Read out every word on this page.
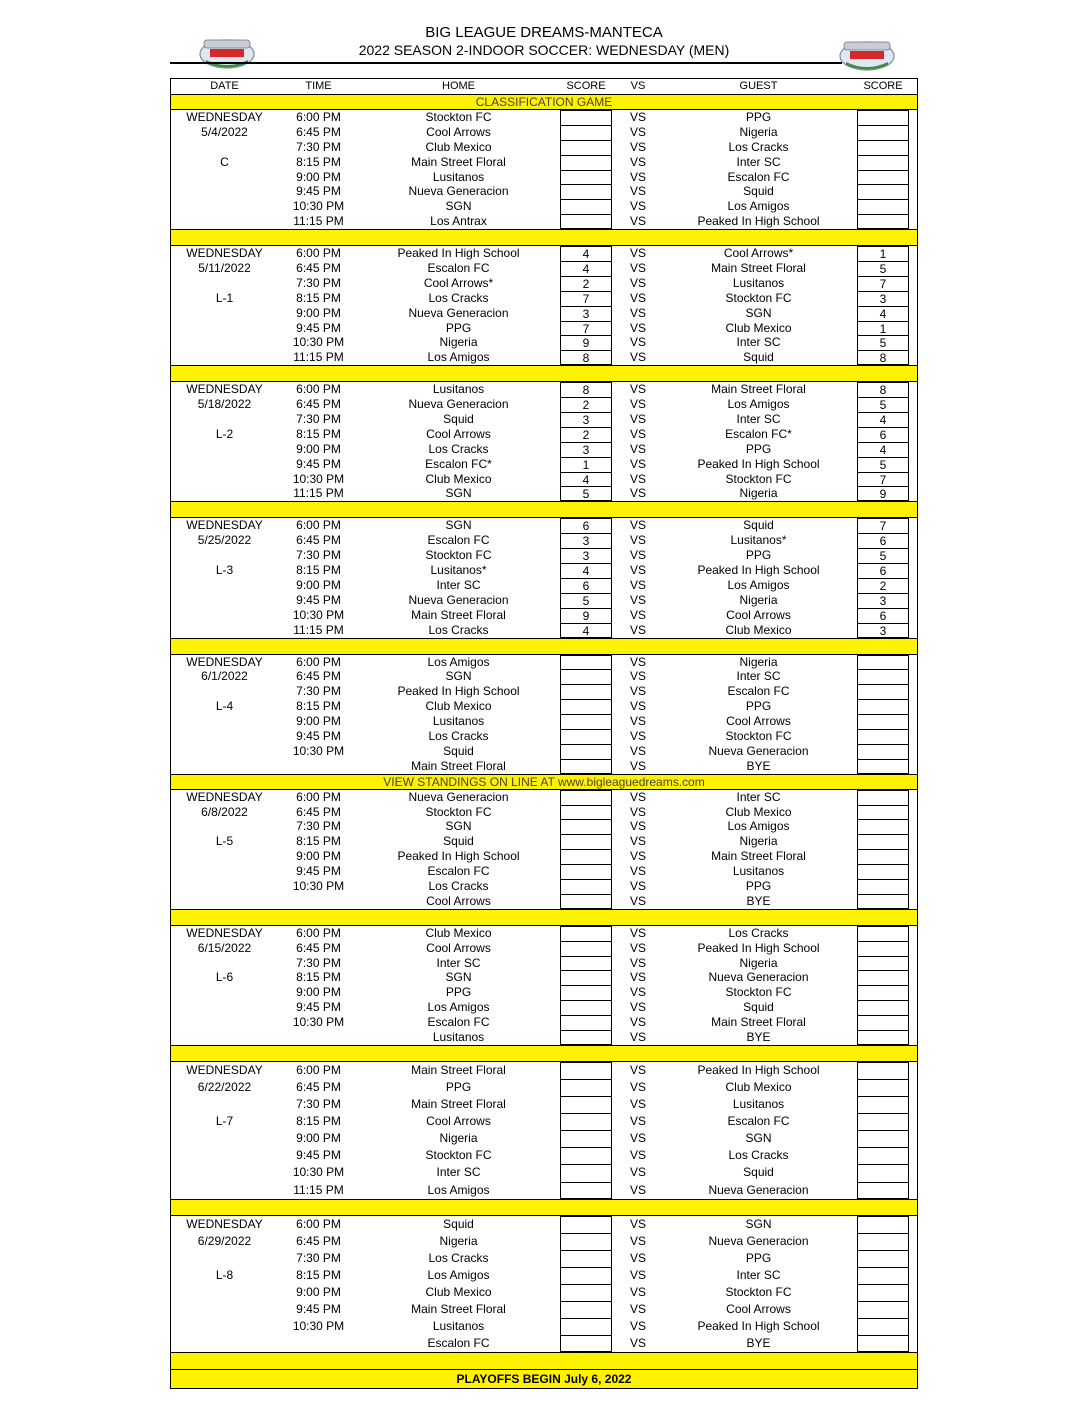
BIG LEAGUE DREAMS-MANTECA
2022 SEASON 2-INDOOR SOCCER: WEDNESDAY (MEN)
DATE	TIME	HOME	SCORE	VS	GUEST	SCORE
CLASSIFICATION GAME
WEDNESDAY	6:00 PM	Stockton FC	VS	PPG
5/4/2022	6:45 PM	Cool Arrows	VS	Nigeria
7:30 PM	Club Mexico	VS	Los Cracks
C	8:15 PM	Main Street Floral	VS	Inter SC
9:00 PM	Lusitanos	VS	Escalon FC
9:45 PM	Nueva Generacion	VS	Squid
10:30 PM	SGN	VS	Los Amigos
11:15 PM	Los Antrax	VS	Peaked In High School
WEDNESDAY	6:00 PM	Peaked In High School	4	VS	Cool Arrows*	1
5/11/2022	6:45 PM	Escalon FC	4	VS	Main Street Floral	5
7:30 PM	Cool Arrows*	2	VS	Lusitanos	7
L-1	8:15 PM	Los Cracks	7	VS	Stockton FC	3
9:00 PM	Nueva Generacion	3	VS	SGN	4
9:45 PM	PPG	7	VS	Club Mexico	1
10:30 PM	Nigeria	9	VS	Inter SC	5
11:15 PM	Los Amigos	8	VS	Squid	8
WEDNESDAY	6:00 PM	Lusitanos	8	VS	Main Street Floral	8
5/18/2022	6:45 PM	Nueva Generacion	2	VS	Los Amigos	5
7:30 PM	Squid	3	VS	Inter SC	4
L-2	8:15 PM	Cool Arrows	2	VS	Escalon FC*	6
9:00 PM	Los Cracks	3	VS	PPG	4
9:45 PM	Escalon FC*	1	VS	Peaked In High School	5
10:30 PM	Club Mexico	4	VS	Stockton FC	7
11:15 PM	SGN	5	VS	Nigeria	9
WEDNESDAY	6:00 PM	SGN	6	VS	Squid	7
5/25/2022	6:45 PM	Escalon FC	3	VS	Lusitanos*	6
7:30 PM	Stockton FC	3	VS	PPG	5
L-3	8:15 PM	Lusitanos*	4	VS	Peaked In High School	6
9:00 PM	Inter SC	6	VS	Los Amigos	2
9:45 PM	Nueva Generacion	5	VS	Nigeria	3
10:30 PM	Main Street Floral	9	VS	Cool Arrows	6
11:15 PM	Los Cracks	4	VS	Club Mexico	3
WEDNESDAY	6:00 PM	Los Amigos	VS	Nigeria
6/1/2022	6:45 PM	SGN	VS	Inter SC
7:30 PM	Peaked In High School	VS	Escalon FC
L-4	8:15 PM	Club Mexico	VS	PPG
9:00 PM	Lusitanos	VS	Cool Arrows
9:45 PM	Los Cracks	VS	Stockton FC
10:30 PM	Squid	VS	Nueva Generacion
Main Street Floral	VS	BYE
VIEW STANDINGS ON LINE AT www.bigleaguedreams.com
WEDNESDAY	6:00 PM	Nueva Generacion	VS	Inter SC
6/8/2022	6:45 PM	Stockton FC	VS	Club Mexico
7:30 PM	SGN	VS	Los Amigos
L-5	8:15 PM	Squid	VS	Nigeria
9:00 PM	Peaked In High School	VS	Main Street Floral
9:45 PM	Escalon FC	VS	Lusitanos
10:30 PM	Los Cracks	VS	PPG
Cool Arrows	VS	BYE
WEDNESDAY	6:00 PM	Club Mexico	VS	Los Cracks
6/15/2022	6:45 PM	Cool Arrows	VS	Peaked In High School
7:30 PM	Inter SC	VS	Nigeria
L-6	8:15 PM	SGN	VS	Nueva Generacion
9:00 PM	PPG	VS	Stockton FC
9:45 PM	Los Amigos	VS	Squid
10:30 PM	Escalon FC	VS	Main Street Floral
Lusitanos	VS	BYE
WEDNESDAY	6:00 PM	Main Street Floral	VS	Peaked In High School
6/22/2022	6:45 PM	PPG	VS	Club Mexico
7:30 PM	Main Street Floral	VS	Lusitanos
L-7	8:15 PM	Cool Arrows	VS	Escalon FC
9:00 PM	Nigeria	VS	SGN
9:45 PM	Stockton FC	VS	Los Cracks
10:30 PM	Inter SC	VS	Squid
11:15 PM	Los Amigos	VS	Nueva Generacion
WEDNESDAY	6:00 PM	Squid	VS	SGN
6/29/2022	6:45 PM	Nigeria	VS	Nueva Generacion
7:30 PM	Los Cracks	VS	PPG
L-8	8:15 PM	Los Amigos	VS	Inter SC
9:00 PM	Club Mexico	VS	Stockton FC
9:45 PM	Main Street Floral	VS	Cool Arrows
10:30 PM	Lusitanos	VS	Peaked In High School
Escalon FC	VS	BYE
PLAYOFFS BEGIN July 6, 2022
